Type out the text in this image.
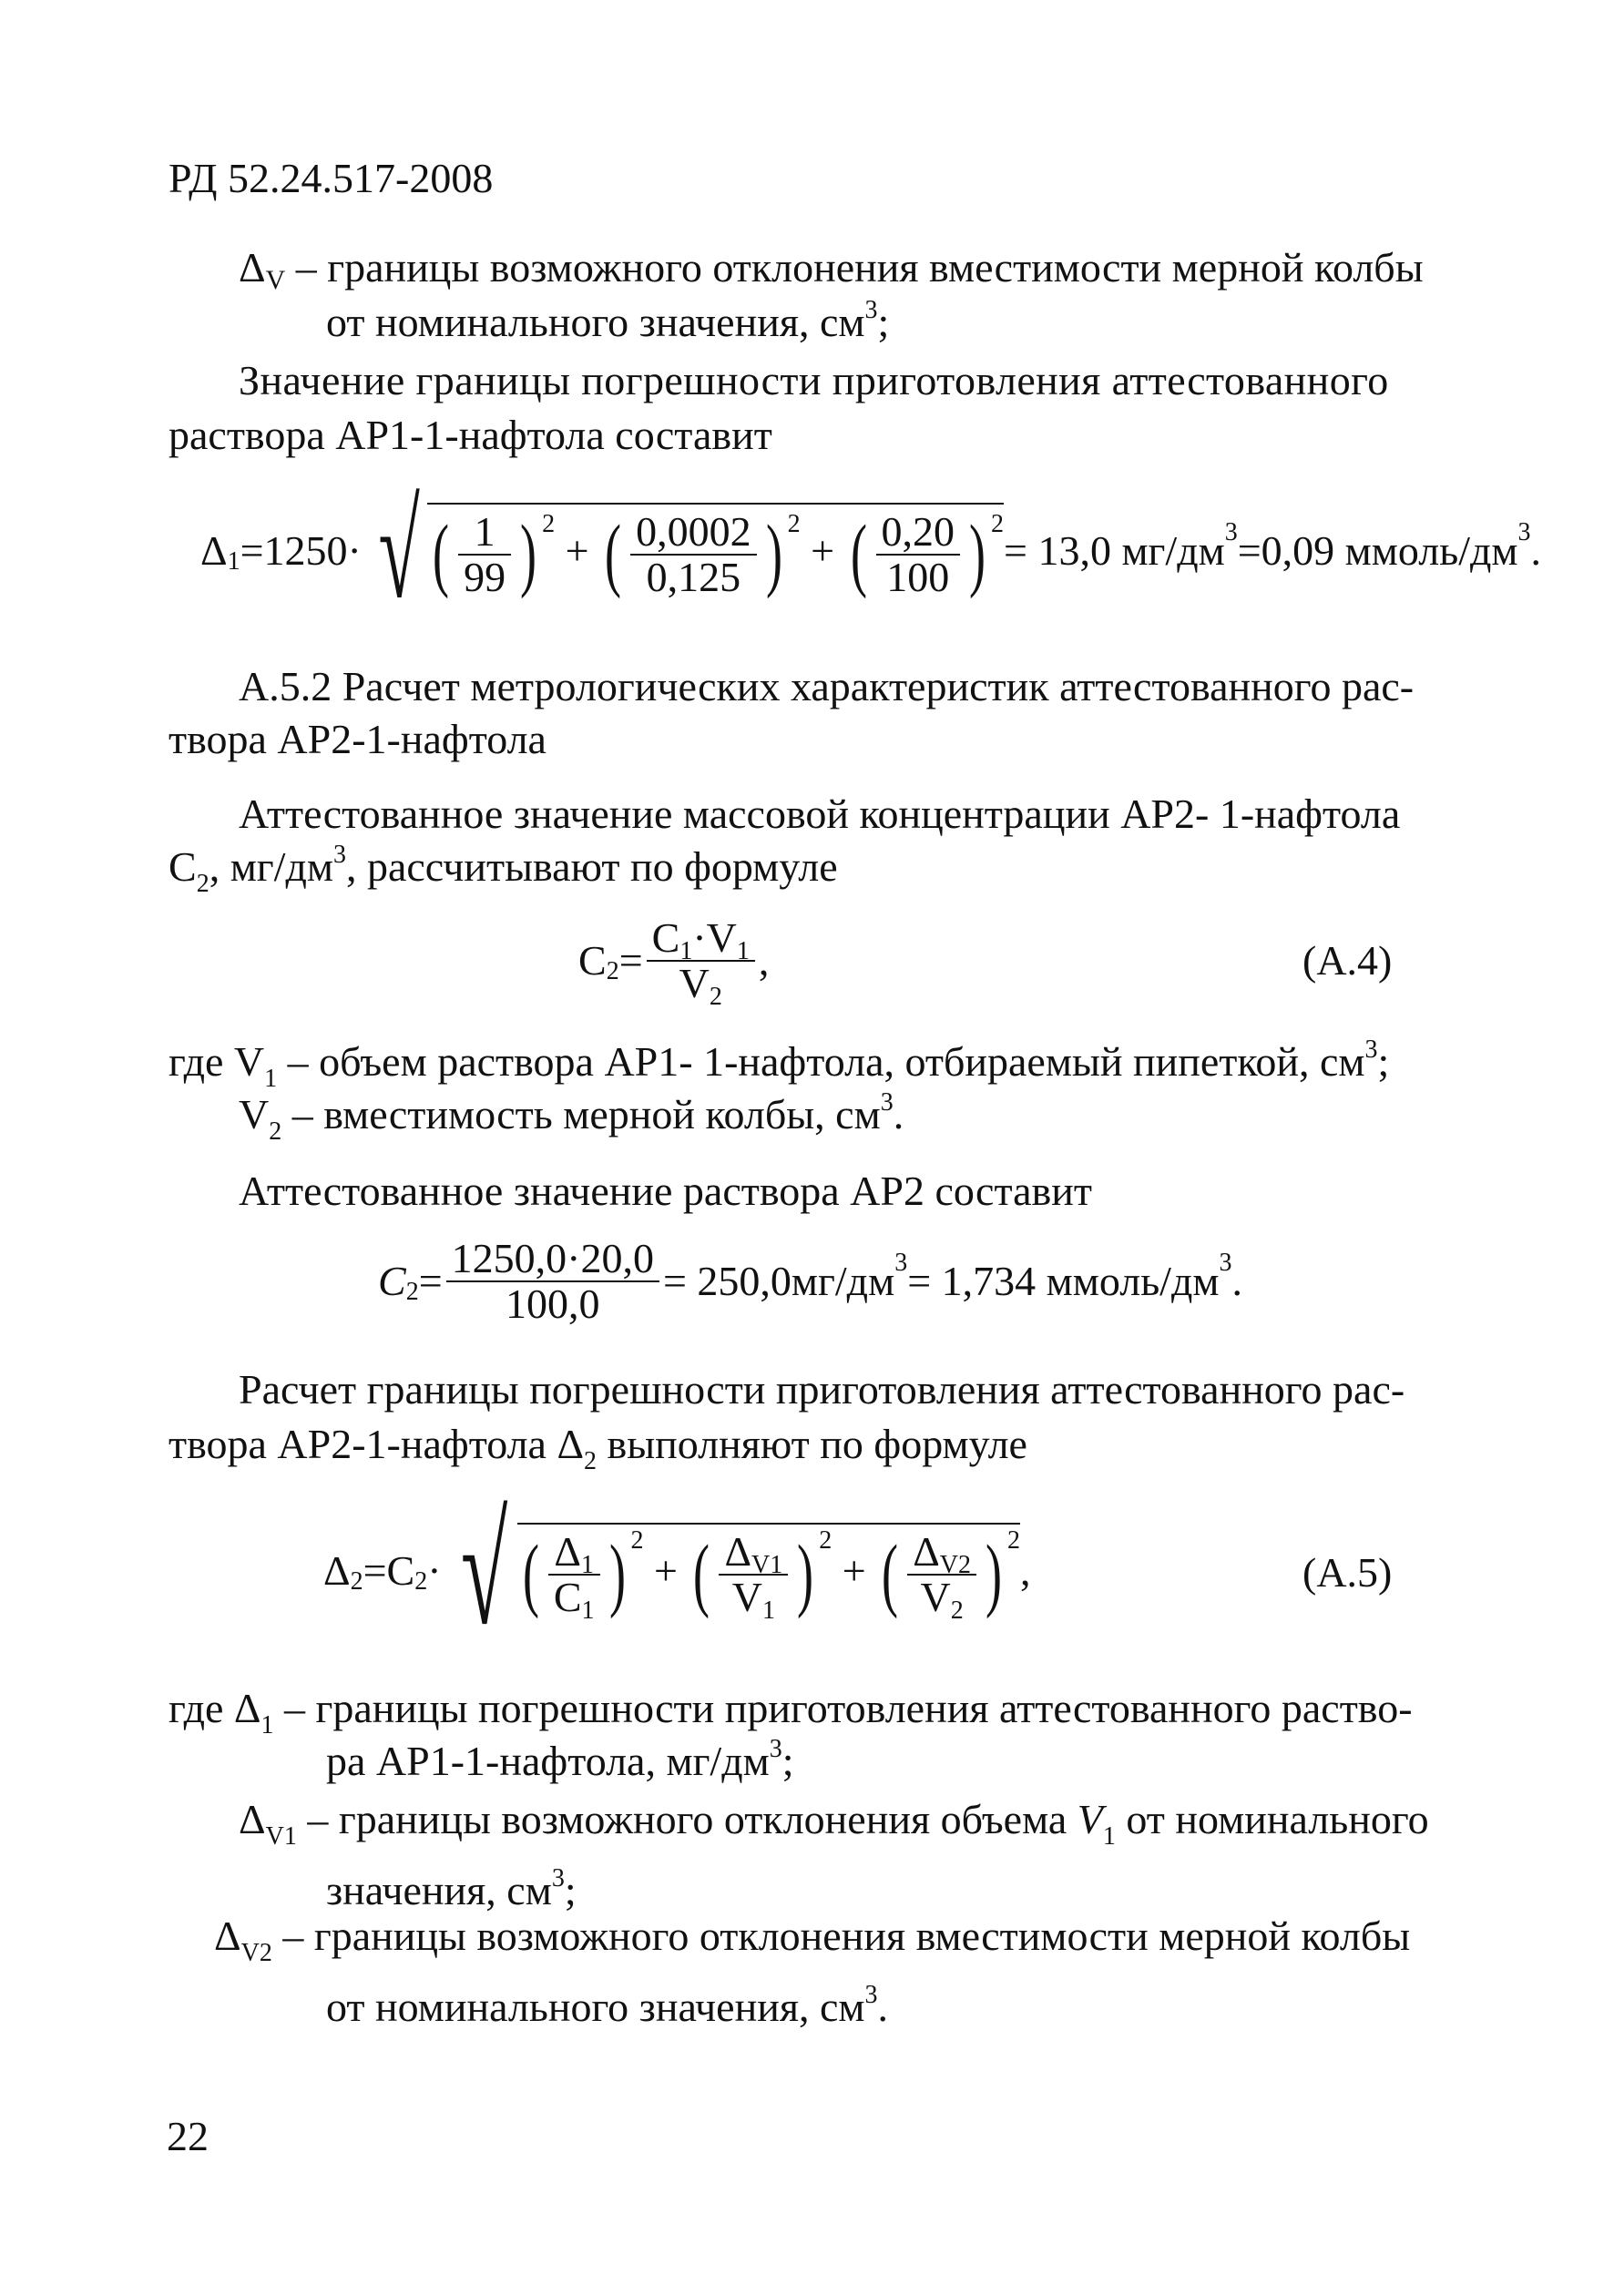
РД 52.24.517-2008
ΔV – границы возможного отклонения вместимости мерной колбы
от номинального значения, $см^3$;
Значение границы погрешности приготовления аттестованного
раствора АР1-1-нафтола составит
Δ 1 =1250· √ ( $\frac{1}{99}$ ) $^2$ + ( $\frac{0,0002}{0,125}$ ) $^2$ + ( $\frac{0,20}{100}$ ) $^2$
= 13,0 мг/дм 3 =0,09 ммоль/дм 3 .
А.5.2 Расчет метрологических характеристик аттестованного рас-
твора АР2-1-нафтола
Аттестованное значение массовой концентрации АР2- 1-нафтола
$С_2$, $мг/дм^3$, рассчитывают по формуле
C $2 = \frac{C1\cdot V1}{V2}$ ,	(А.4)
где $V_1$ – объем раствора АР1- 1-нафтола, отбираемый пипеткой, $см^3$;
$V_2$ – вместимость мерной колбы, $см^3$.
Аттестованное значение раствора АР2 составит
C $2 = \frac{1250,0\cdot 20,0}{100,0} = 250,0мг/дм$ 3 = 1,734 ммоль/дм 3 .
Расчет границы погрешности приготовления аттестованного рас-
твора АР2-1-нафтола $\Delta_2$ выполняют по формуле
Δ 2 =C 2 · √ ( $\frac{\Delta 1}{C1}$ ) $^2$ + ( $\frac{\Delta V1}{V1}$ ) $^2$ + ( $\frac{\Delta V2}{V2}$ ) $^2$
,	(А.5)
где $\Delta_1$ – границы погрешности приготовления аттестованного раство-
ра АР1-1-нафтола, $мг/дм^3$;
$\Delta_{V1}$ – границы возможного отклонения объема $V_1$ от номинального
значения, $см^3$;
$\Delta_{V2}$ – границы возможного отклонения вместимости мерной колбы
от номинального значения, $см^3$.
22
